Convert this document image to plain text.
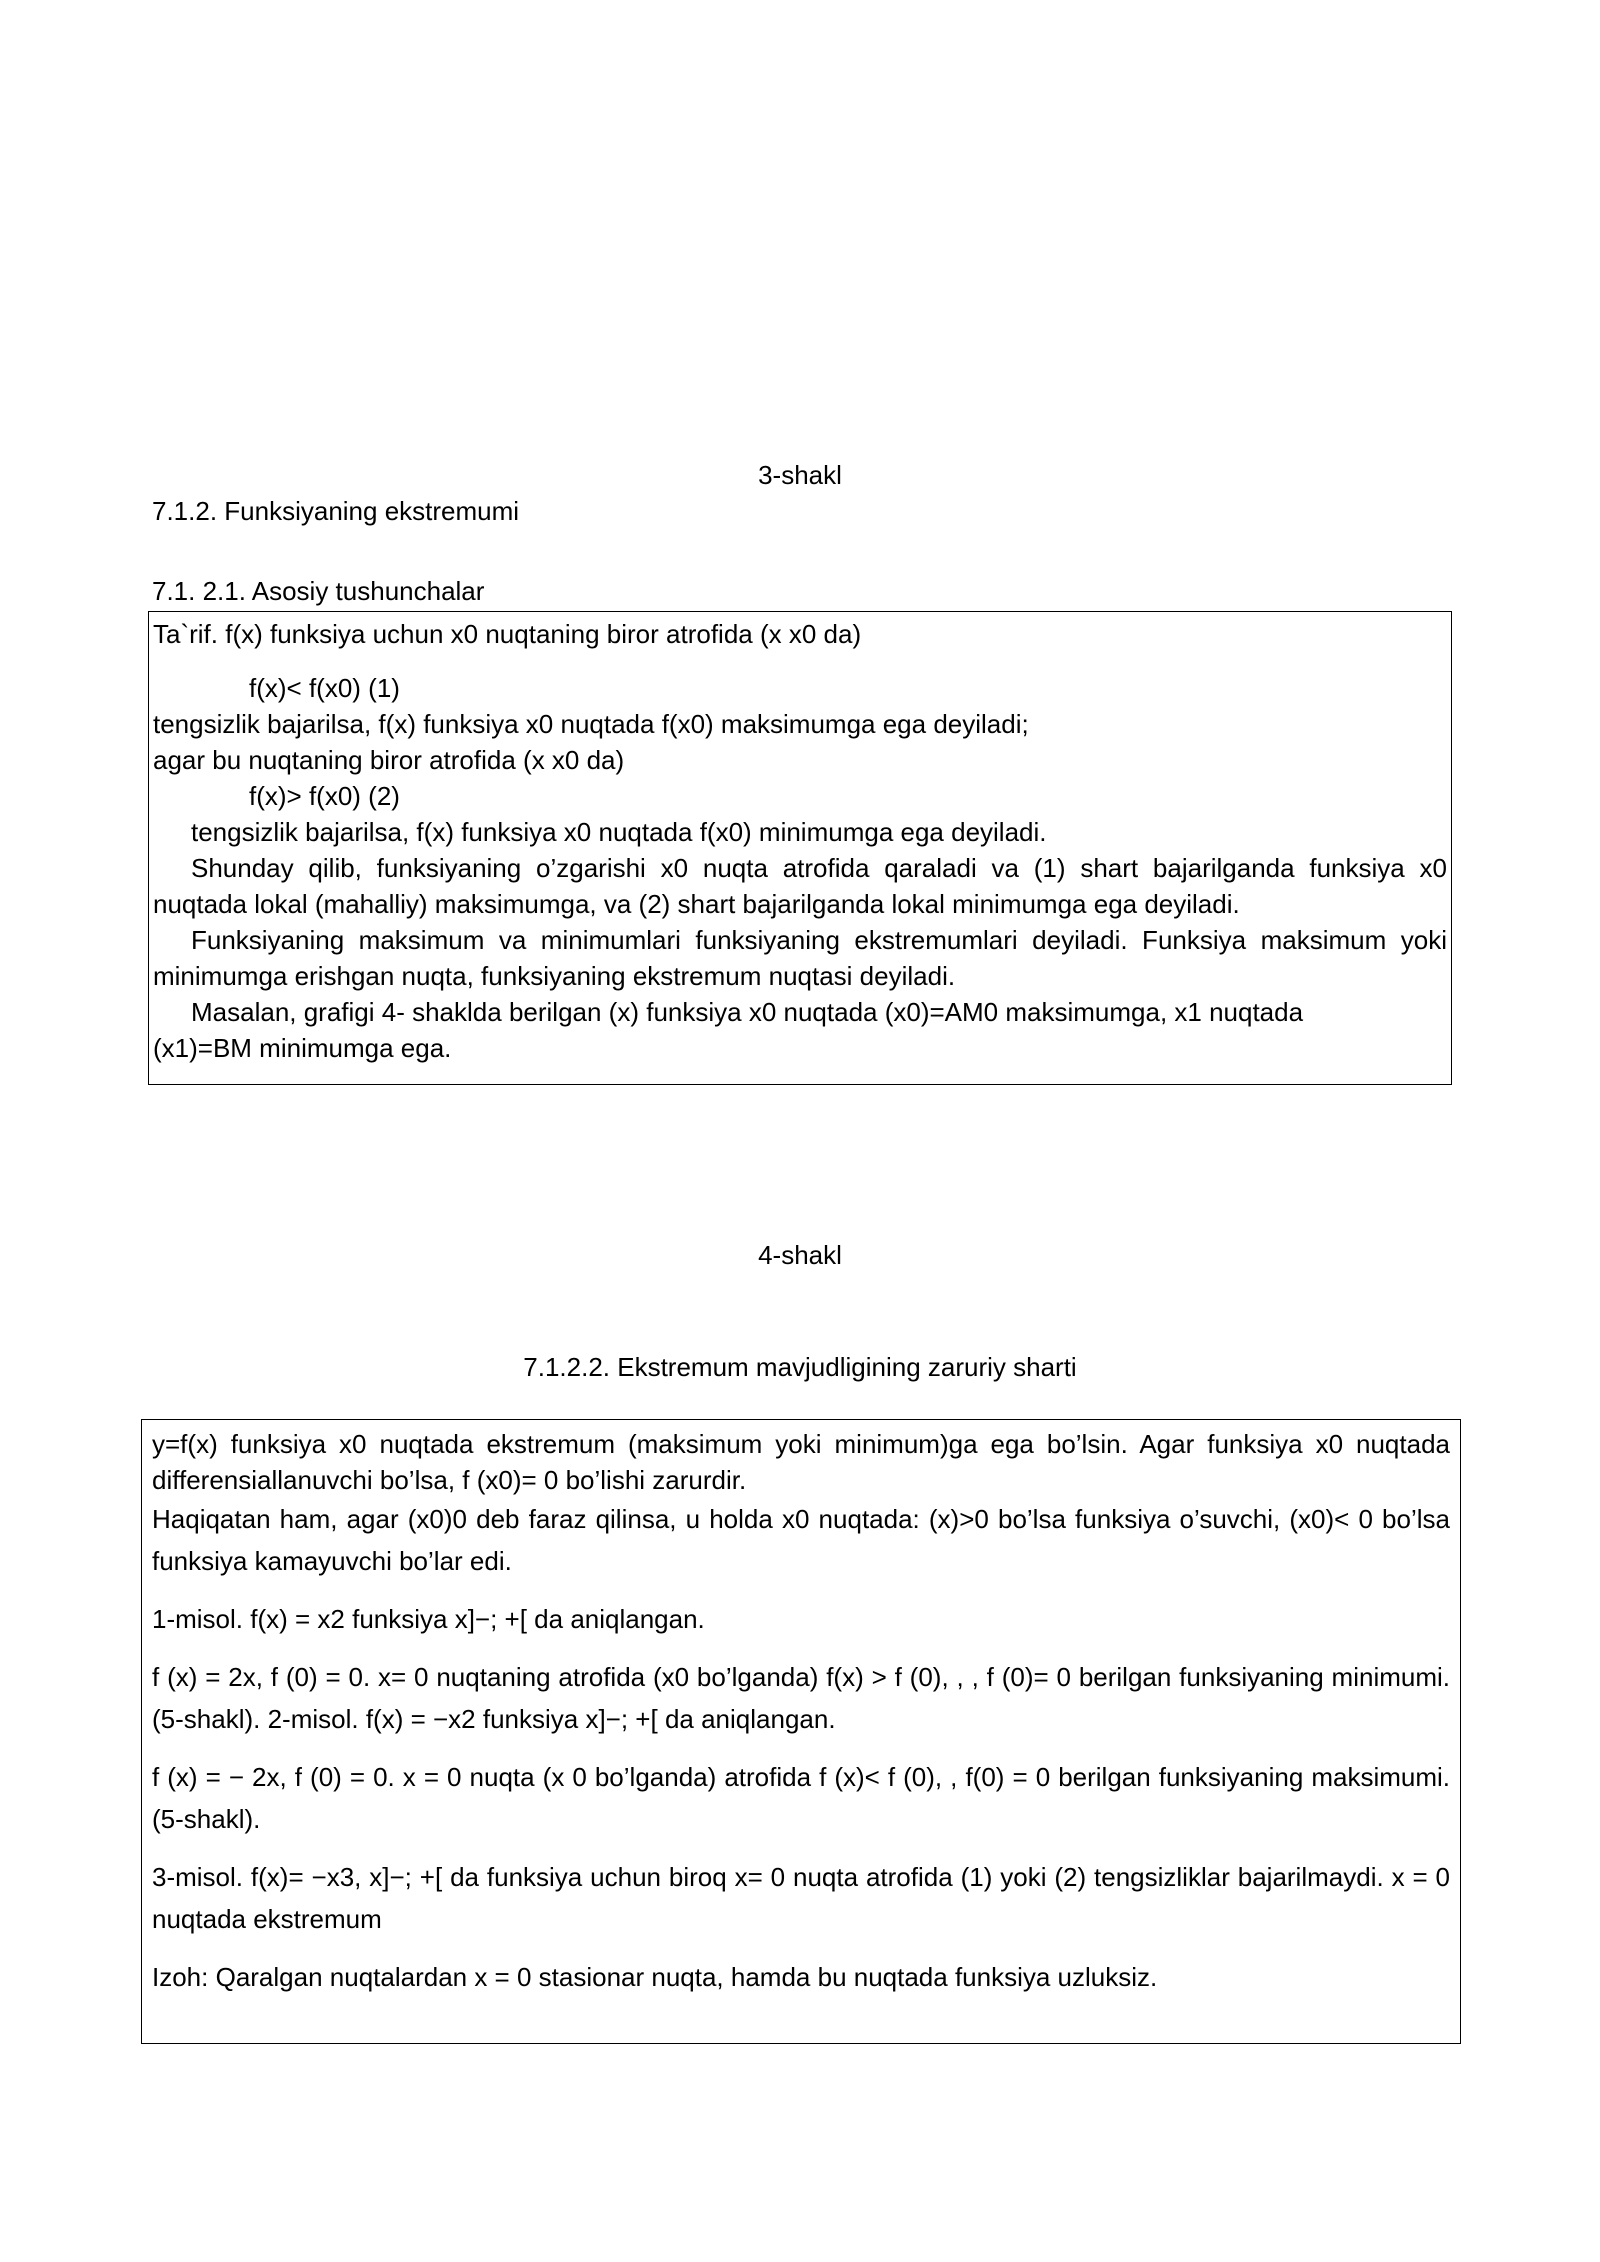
3-shakl
7.1.2. Funksiyaning ekstremumi
7.1. 2.1. Asosiy tushunchalar
Ta`rif. f(x) funksiya uchun x0 nuqtaning biror atrofida (x x0 da)
f(x)< f(x0) (1)
tengsizlik bajarilsa, f(x) funksiya x0 nuqtada f(x0) maksimumga ega deyiladi;
agar bu nuqtaning biror atrofida (x x0 da)
f(x)> f(x0) (2)
tengsizlik bajarilsa, f(x) funksiya x0 nuqtada f(x0) minimumga ega deyiladi.
Shunday qilib, funksiyaning o’zgarishi x0 nuqta atrofida qaraladi va (1) shart bajarilganda funksiya x0 nuqtada lokal (mahalliy) maksimumga, va (2) shart bajarilganda lokal minimumga ega deyiladi.
Funksiyaning maksimum va minimumlari funksiyaning ekstremumlari deyiladi. Funksiya maksimum yoki minimumga erishgan nuqta, funksiyaning ekstremum nuqtasi deyiladi.
Masalan, grafigi 4- shaklda berilgan (x) funksiya x0 nuqtada (x0)=AM0 maksimumga, x1 nuqtada
(x1)=BM minimumga ega.
4-shakl
7.1.2.2. Ekstremum mavjudligining zaruriy sharti
y=f(x) funksiya x0 nuqtada ekstremum (maksimum yoki minimum)ga ega bo’lsin. Agar funksiya x0 nuqtada differensiallanuvchi bo’lsa, f (x0)= 0 bo’lishi zarurdir.
Haqiqatan ham, agar (x0)0 deb faraz qilinsa, u holda x0 nuqtada: (x)>0 bo’lsa funksiya o’suvchi, (x0)< 0 bo’lsa funksiya kamayuvchi bo’lar edi.
1-misol. f(x) = x2 funksiya x]−; +[ da aniqlangan.
f (x) = 2x, f (0) = 0. x= 0 nuqtaning atrofida (x0 bo’lganda) f(x) > f (0), , , f (0)= 0 berilgan funksiyaning minimumi. (5-shakl). 2-misol. f(x) = −x2 funksiya x]−; +[ da aniqlangan.
f (x) = − 2x, f (0) = 0. x = 0 nuqta (x 0 bo’lganda) atrofida f (x)< f (0), , f(0) = 0 berilgan funksiyaning maksimumi. (5-shakl).
3-misol. f(x)= −x3, x]−; +[ da funksiya uchun biroq x= 0 nuqta atrofida (1) yoki (2) tengsizliklar bajarilmaydi. x = 0 nuqtada ekstremum
Izoh: Qaralgan nuqtalardan x = 0 stasionar nuqta, hamda bu nuqtada funksiya uzluksiz.
